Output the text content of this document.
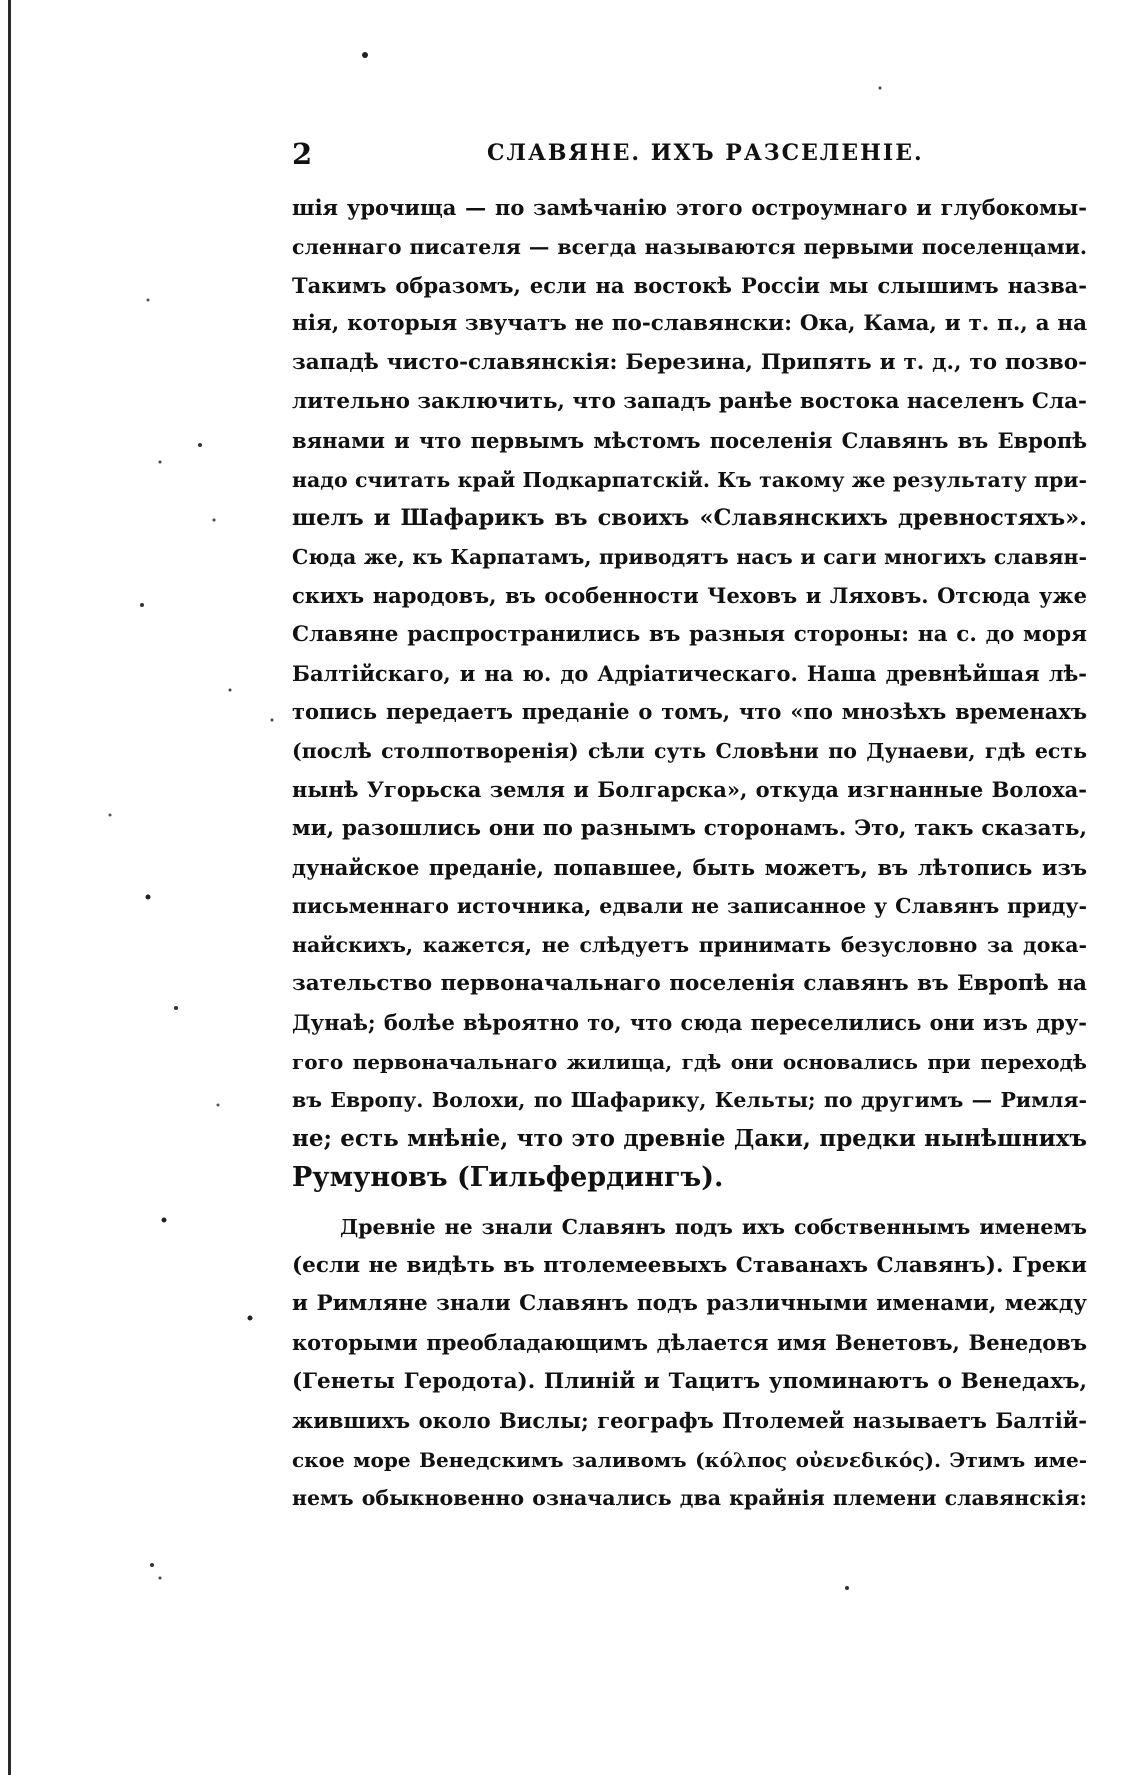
2	СЛАВЯНЕ. ИХЪ РАЗСЕЛЕНІЕ.
шія урочища — по замѣчанію этого остроумнаго и глубокомы-
сленнаго писателя — всегда называются первыми поселенцами.
Такимъ образомъ, если на востокѣ Россіи мы слышимъ назва-
нія, которыя звучатъ не по-славянски: Ока, Кама, и т. п., а на
западѣ чисто-славянскія: Березина, Припять и т. д., то позво-
лительно заключить, что западъ ранѣе востока населенъ Сла-
вянами и что первымъ мѣстомъ поселенія Славянъ въ Европѣ
надо считать край Подкарпатскій. Къ такому же результату при-
шелъ и Шафарикъ въ своихъ «Славянскихъ древностяхъ».
Сюда же, къ Карпатамъ, приводятъ насъ и саги многихъ славян-
скихъ народовъ, въ особенности Чеховъ и Ляховъ. Отсюда уже
Славяне распространились въ разныя стороны: на с. до моря
Балтійскаго, и на ю. до Адріатическаго. Наша древнѣйшая лѣ-
топись передаетъ преданіе о томъ, что «по мнозѣхъ временахъ
(послѣ столпотворенія) сѣли суть Словѣни по Дунаеви, гдѣ есть
нынѣ Угорьска земля и Болгарска», откуда изгнанные Волоха-
ми, разошлись они по разнымъ сторонамъ. Это, такъ сказать,
дунайское преданіе, попавшее, быть можетъ, въ лѣтопись изъ
письменнаго источника, едвали не записанное у Славянъ приду-
найскихъ, кажется, не слѣдуетъ принимать безусловно за дока-
зательство первоначальнаго поселенія славянъ въ Европѣ на
Дунаѣ; болѣе вѣроятно то, что сюда переселились они изъ дру-
гого первоначальнаго жилища, гдѣ они основались при переходѣ
въ Европу. Волохи, по Шафарику, Кельты; по другимъ — Римля-
не; есть мнѣніе, что это древніе Даки, предки нынѣшнихъ
Румуновъ (Гильфердингъ).
Древніе не знали Славянъ подъ ихъ собственнымъ именемъ
(если не видѣть въ птолемеевыхъ Ставанахъ Славянъ). Греки
и Римляне знали Славянъ подъ различными именами, между
которыми преобладающимъ дѣлается имя Венетовъ, Венедовъ
(Генеты Геродота). Плиній и Тацитъ упоминаютъ о Венедахъ,
жившихъ около Вислы; географъ Птолемей называетъ Балтій-
ское море Венедскимъ заливомъ (κόλπος οὐενεδικός). Этимъ име-
немъ обыкновенно означались два крайнія племени славянскія:
